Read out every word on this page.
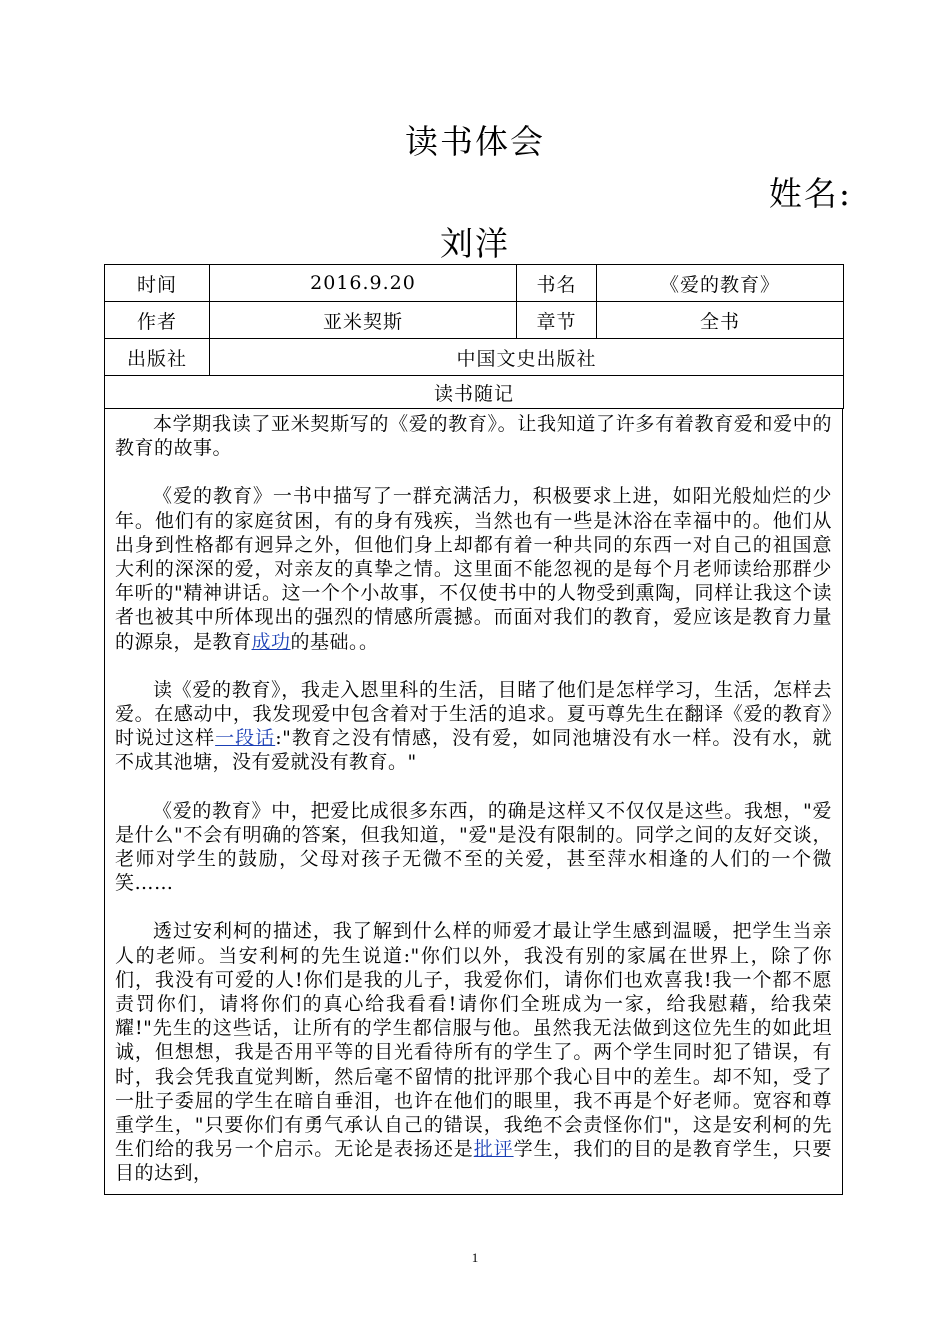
读书体会
姓名:
刘洋
时间	2016.9.20	书名	《爱的教育》
作者	亚米契斯	章节	全书
出版社	中国文史出版社		
读书随记			

本学期我读了亚米契斯写的《爱的教育》。让我知道了许多有着教育爱和爱中的教育的故事。

《爱的教育》一书中描写了一群充满活力，积极要求上进，如阳光般灿烂的少年。他们有的家庭贫困，有的身有残疾，当然也有一些是沐浴在幸福中的。他们从出身到性格都有迥异之外，但他们身上却都有着一种共同的东西一对自己的祖国意大利的深深的爱，对亲友的真挚之情。这里面不能忽视的是每个月老师读给那群少年听的"精神讲话。这一个个小故事，不仅使书中的人物受到熏陶，同样让我这个读者也被其中所体现出的强烈的情感所震撼。而面对我们的教育，爱应该是教育力量的源泉，是教育成功的基础。。

读《爱的教育》，我走入恩里科的生活，目睹了他们是怎样学习，生活，怎样去爱。在感动中，我发现爱中包含着对于生活的追求。夏丏尊先生在翻译《爱的教育》时说过这样一段话:"教育之没有情感，没有爱，如同池塘没有水一样。没有水，就不成其池塘，没有爱就没有教育。"

《爱的教育》中，把爱比成很多东西，的确是这样又不仅仅是这些。我想，"爱是什么"不会有明确的答案，但我知道，"爱"是没有限制的。同学之间的友好交谈，老师对学生的鼓励，父母对孩子无微不至的关爱，甚至萍水相逢的人们的一个微笑……

透过安利柯的描述，我了解到什么样的师爱才最让学生感到温暖，把学生当亲人的老师。当安利柯的先生说道:"你们以外，我没有别的家属在世界上，除了你们，我没有可爱的人!你们是我的儿子，我爱你们，请你们也欢喜我!我一个都不愿责罚你们，请将你们的真心给我看看!请你们全班成为一家，给我慰藉，给我荣耀!"先生的这些话，让所有的学生都信服与他。虽然我无法做到这位先生的如此坦诚，但想想，我是否用平等的目光看待所有的学生了。两个学生同时犯了错误，有时，我会凭我直觉判断，然后毫不留情的批评那个我心目中的差生。却不知，受了一肚子委屈的学生在暗自垂泪，也许在他们的眼里，我不再是个好老师。宽容和尊重学生，"只要你们有勇气承认自己的错误，我绝不会责怪你们"，这是安利柯的先生们给的我另一个启示。无论是表扬还是批评学生，我们的目的是教育学生，只要目的达到，

1
